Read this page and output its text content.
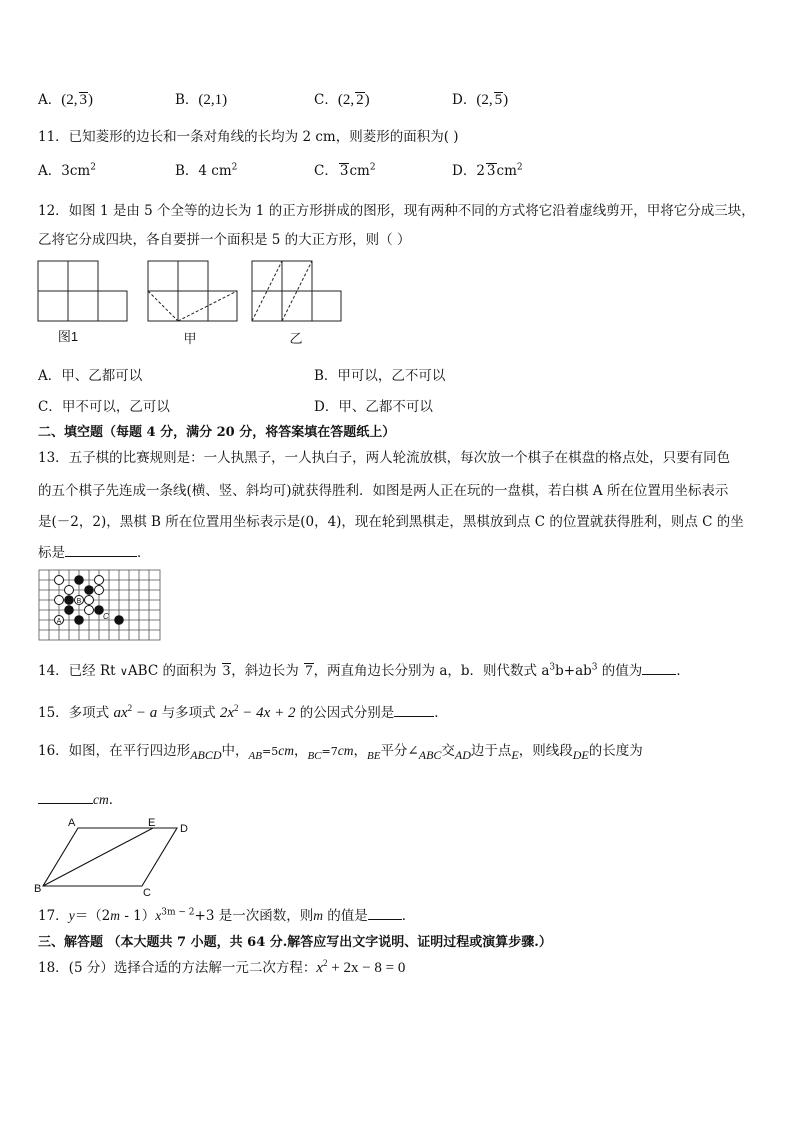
A．(2, 3)	B．(2,1)	C．(2, 2)	D．(2, 5)
11．已知菱形的边长和一条对角线的长均为 2 cm，则菱形的面积为( )
A．$3cm^2$	B．4 $cm^2$	C． $3cm^2$	D．2 $3cm^2$
12．如图 1 是由 5 个全等的边长为 1 的正方形拼成的图形，现有两种不同的方式将它沿着虚线剪开，甲将它分成三块，
乙将它分成四块，各自要拼一个面积是 5 的大正方形，则（ ）
图1	甲	乙
A．甲、乙都可以	B．甲可以，乙不可以
C．甲不可以，乙可以	D．甲、乙都不可以
二、填空题（每题 4 分，满分 20 分，将答案填在答题纸上）
13．五子棋的比赛规则是：一人执黑子，一人执白子，两人轮流放棋，每次放一个棋子在棋盘的格点处，只要有同色
的五个棋子先连成一条线(横、竖、斜均可)就获得胜利．如图是两人正在玩的一盘棋，若白棋 A 所在位置用坐标表示
是(－2，2)，黑棋 B 所在位置用坐标表示是(0，4)，现在轮到黑棋走，黑棋放到点 C 的位置就获得胜利，则点 C 的坐
标是	．
A
B
C
14．已经 Rt ∨ABC 的面积为 3，斜边长为 7，两直角边长分别为 a，b．则代数式 $a^3b+ab^3$ 的值为	．
15．多项式 $ax^2 - a$ 与多项式 $2x^2 - 4x + 2$ 的公因式分别是	．
16．如图，在平行四边形ABCD中，$_{AB}$=5cm，$_{BC}$=7cm，$_{BE}$平分∠ABC交AD边于点E，则线段DE的长度为
cm．
A	E D
B	C
17．$y=(2m - 1)x^{3m - 2}+3$ 是一次函数，则m 的值是	．
三、解答题 （本大题共 7 小题，共 64 分.解答应写出文字说明、证明过程或演算步骤.）
18．(5 分）选择合适的方法解一元二次方程：$x^2 + 2x - 8 = 0$
